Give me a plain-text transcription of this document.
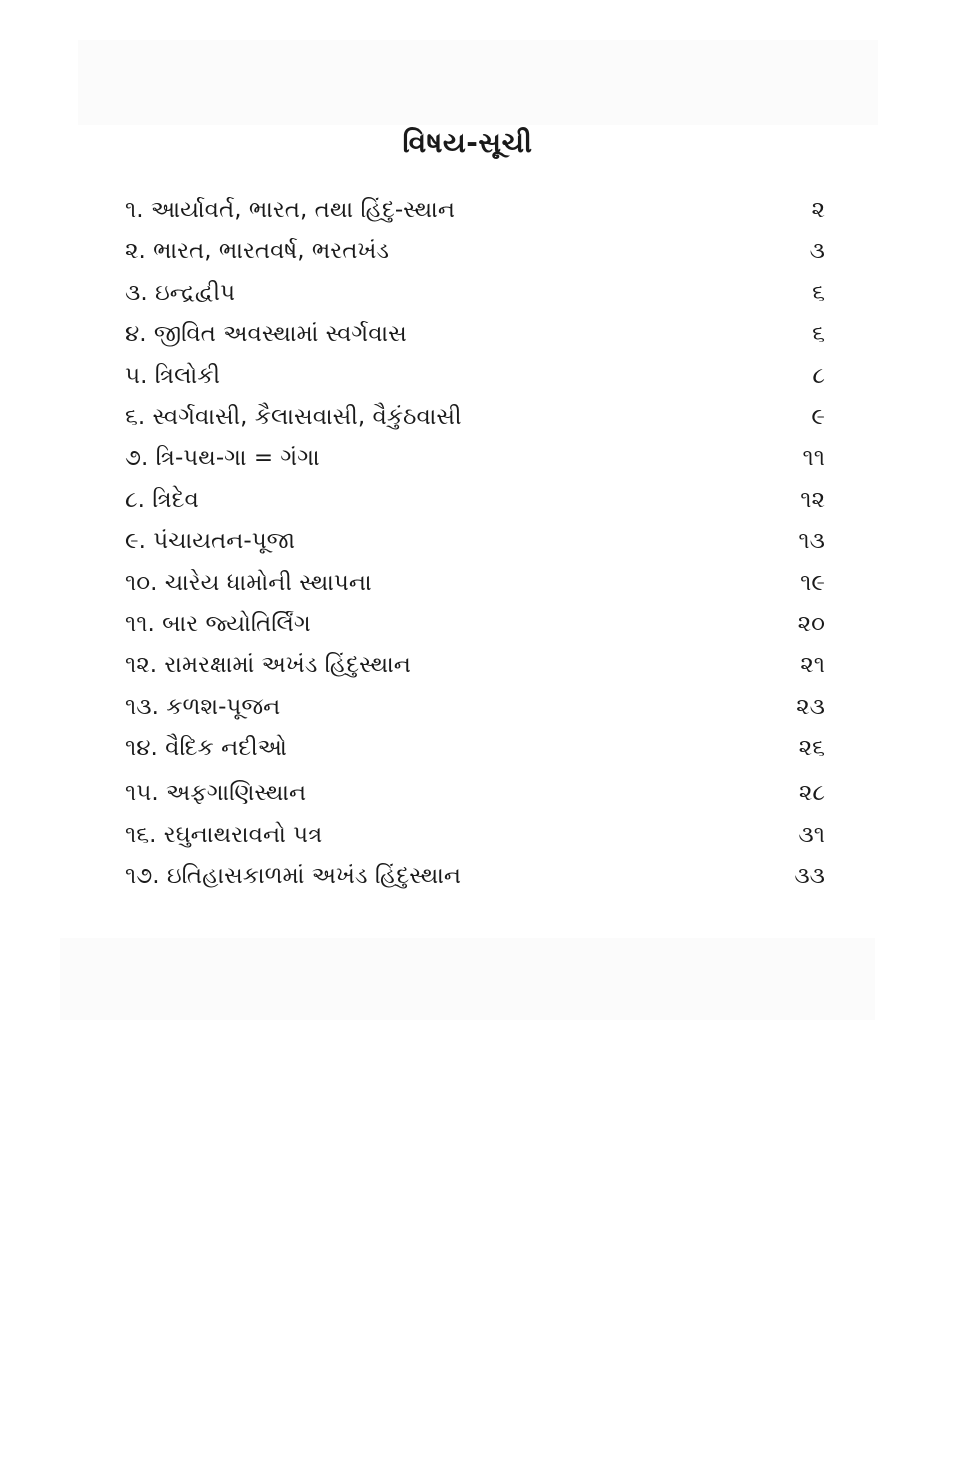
વિષય-સૂચી
૧. આર્યાવર્ત, ભારત, તથા હિંદુ-સ્થાન	૨
૨. ભારત, ભારતવર્ષ, ભરતખંડ	૩
૩. ઇન્દ્રદ્વીપ	૬
૪. જીવિત અવસ્થામાં સ્વર્ગવાસ	૬
૫. ત્રિલોકી	૮
૬. સ્વર્ગવાસી, કૈલાસવાસી, વૈકુંઠવાસી	૯
૭. ત્રિ-પથ-ગા = ગંગા	૧૧
૮. ત્રિદેવ	૧૨
૯. પંચાયતન-પૂજા	૧૩
૧૦. ચારેય ધામોની સ્થાપના	૧૯
૧૧. બાર જ્યોતિર્લિંગ	૨૦
૧૨. રામરક્ષામાં અખંડ હિંદુસ્થાન	૨૧
૧૩. કળશ-પૂજન	૨૩
૧૪. વૈદિક નદીઓ	૨૬
૧૫. અફગાણિસ્થાન	૨૮
૧૬. રઘુનાથરાવનો પત્ર	૩૧
૧૭. ઇતિહાસકાળમાં અખંડ હિંદુસ્થાન	૩૩
